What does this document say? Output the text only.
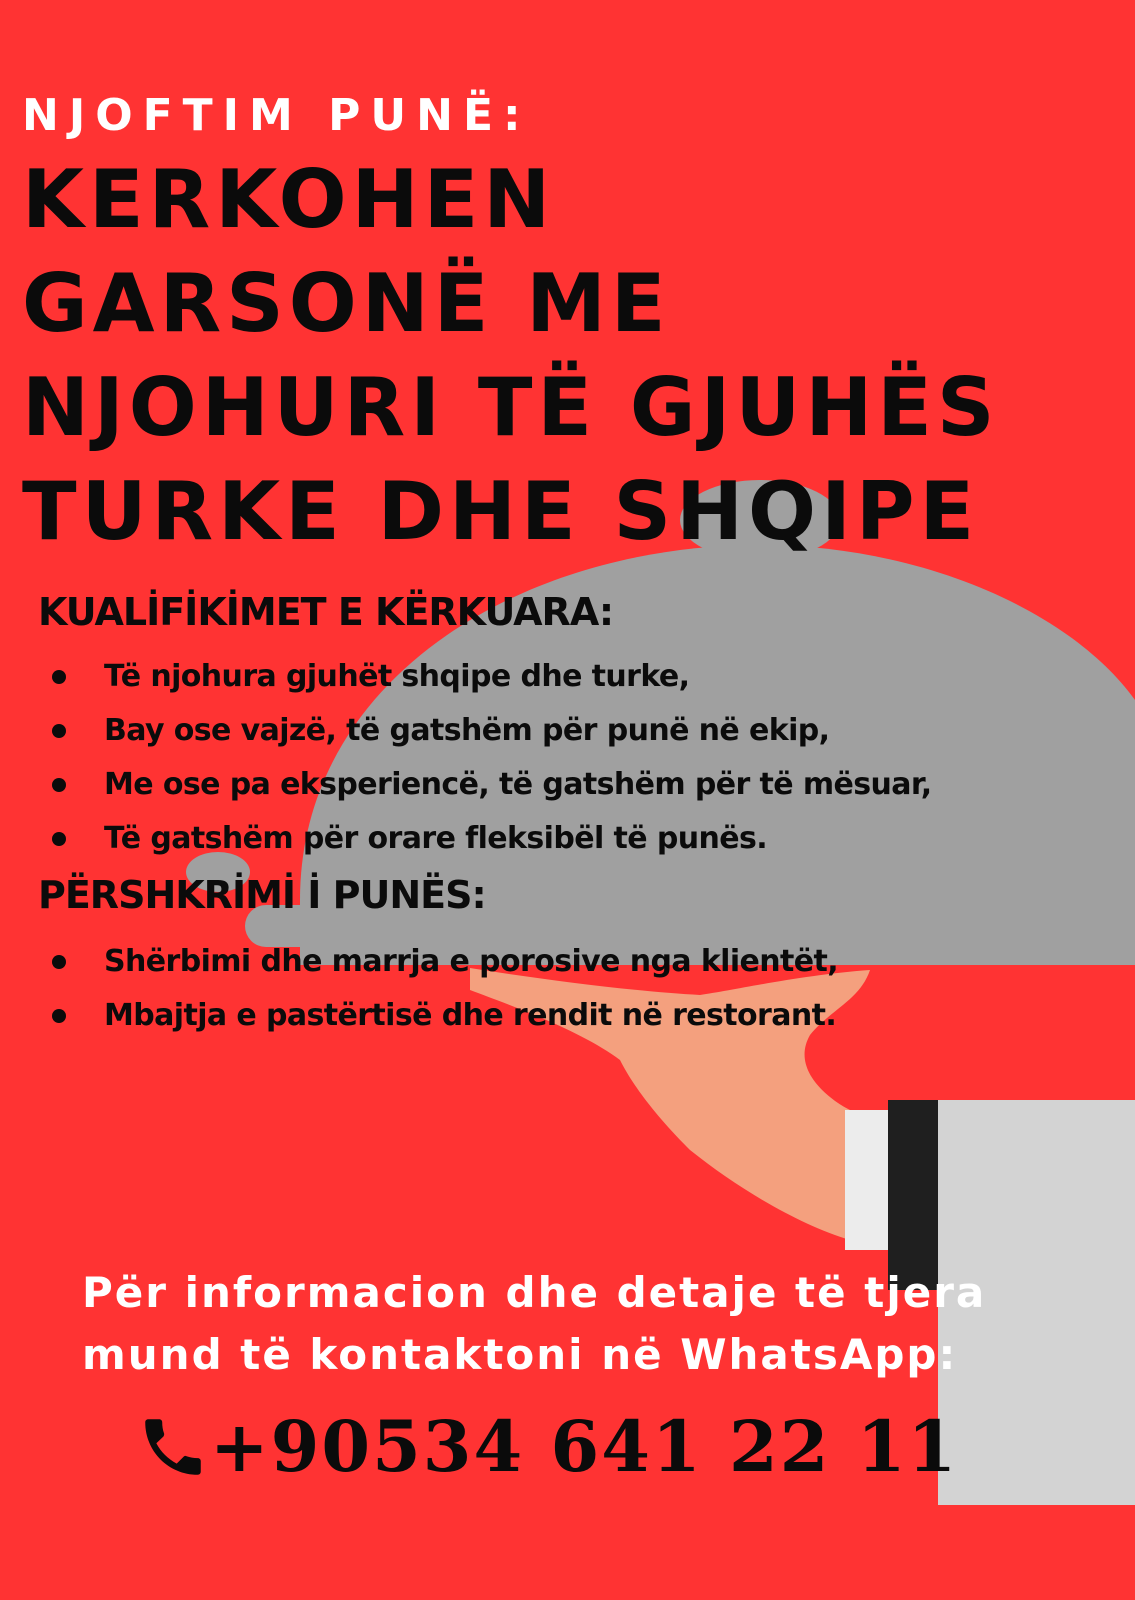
NJOFTIM PUNË:
KERKOHEN
GARSONË ME
NJOHURI TË GJUHËS
TURKE DHE SHQIPE
KUALİFİKİMET E KËRKUARA:
Të njohura gjuhët shqipe dhe turke,
Bay ose vajzë, të gatshëm për punë në ekip,
Me ose pa eksperiencë, të gatshëm për të mësuar,
Të gatshëm për orare fleksibël të punës.
PËRSHKRİMİ İ PUNËS:
Shërbimi dhe marrja e porosive nga klientët,
Mbajtja e pastërtisë dhe rendit në restorant.
Për informacion dhe detaje të tjera
mund të kontaktoni në WhatsApp:
+90534 641 22 11
